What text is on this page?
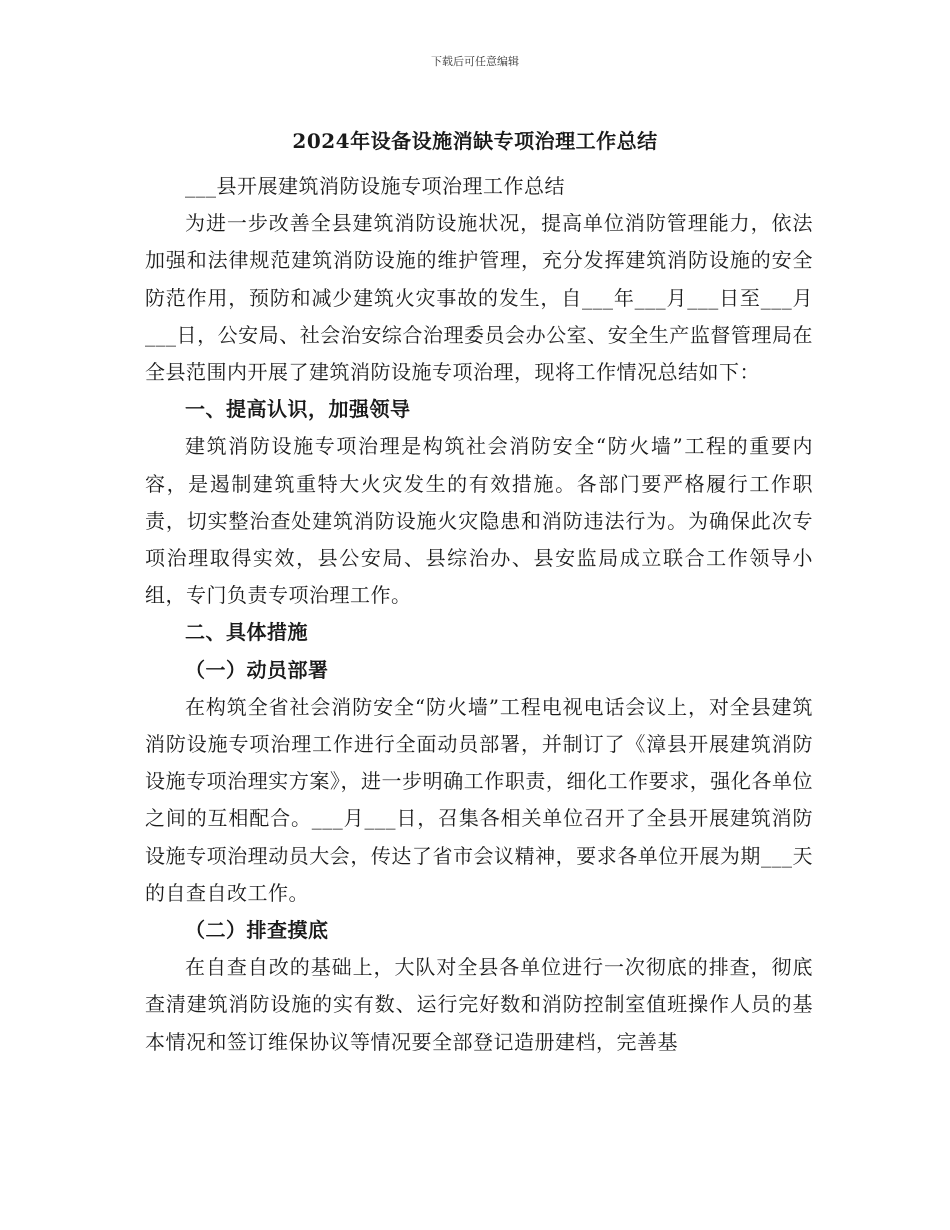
下载后可任意编辑
2024年设备设施消缺专项治理工作总结

___县开展建筑消防设施专项治理工作总结

为进一步改善全县建筑消防设施状况，提高单位消防管理能力，依法加强和法律规范建筑消防设施的维护管理，充分发挥建筑消防设施的安全防范作用，预防和减少建筑火灾事故的发生，自___年___月___日至___月___日，公安局、社会治安综合治理委员会办公室、安全生产监督管理局在全县范围内开展了建筑消防设施专项治理，现将工作情况总结如下：

一、提高认识，加强领导

建筑消防设施专项治理是构筑社会消防安全“防火墙”工程的重要内容，是遏制建筑重特大火灾发生的有效措施。各部门要严格履行工作职责，切实整治查处建筑消防设施火灾隐患和消防违法行为。为确保此次专项治理取得实效，县公安局、县综治办、县安监局成立联合工作领导小组，专门负责专项治理工作。

二、具体措施

（一）动员部署

在构筑全省社会消防安全“防火墙”工程电视电话会议上，对全县建筑消防设施专项治理工作进行全面动员部署，并制订了《漳县开展建筑消防设施专项治理实方案》，进一步明确工作职责，细化工作要求，强化各单位之间的互相配合。___月___日，召集各相关单位召开了全县开展建筑消防设施专项治理动员大会，传达了省市会议精神，要求各单位开展为期___天的自查自改工作。

（二）排查摸底

在自查自改的基础上，大队对全县各单位进行一次彻底的排查，彻底查清建筑消防设施的实有数、运行完好数和消防控制室值班操作人员的基本情况和签订维保协议等情况要全部登记造册建档，完善基
